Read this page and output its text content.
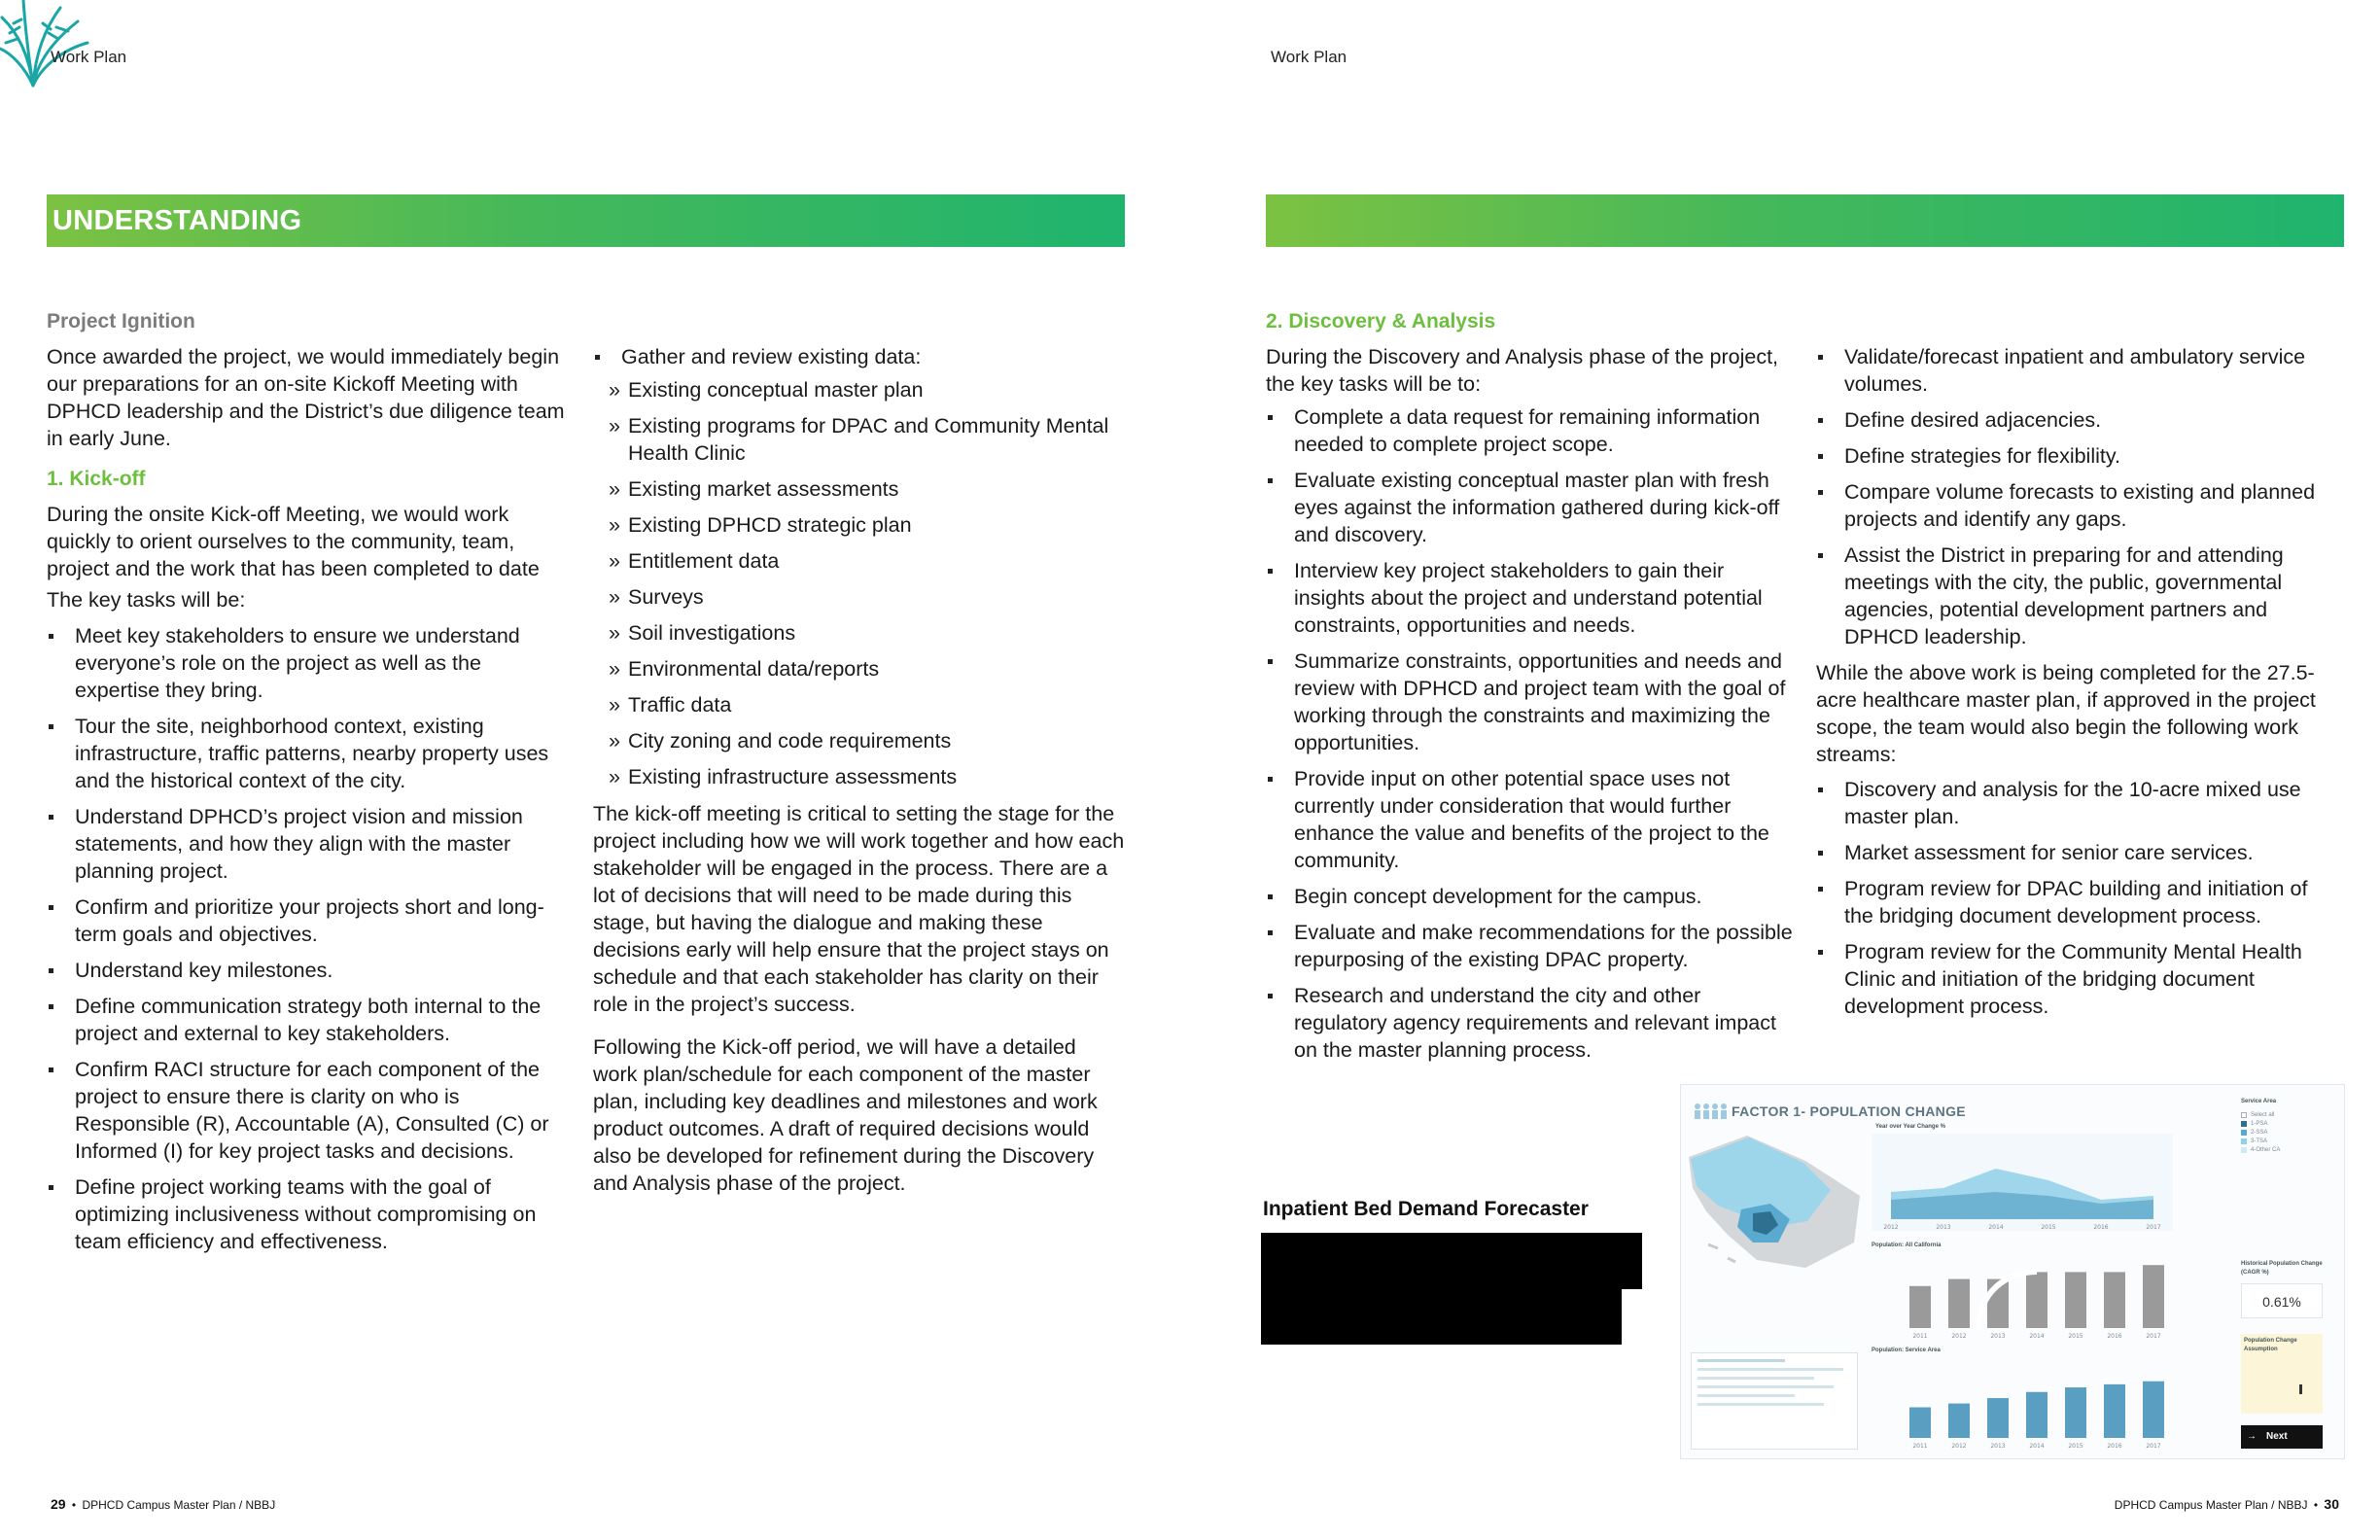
Work Plan	Work Plan
UNDERSTANDING
Project Ignition

Once awarded the project, we would immediately begin our preparations for an on-site Kickoff Meeting with DPHCD leadership and the District’s due diligence team in early June.

1. Kick-off

During the onsite Kick-off Meeting, we would work quickly to orient ourselves to the community, team, project and the work that has been completed to date

The key tasks will be:

Meet key stakeholders to ensure we understand everyone’s role on the project as well as the expertise they bring.
Tour the site, neighborhood context, existing infrastructure, traffic patterns, nearby property uses and the historical context of the city.
Understand DPHCD’s project vision and mission statements, and how they align with the master planning project.
Confirm and prioritize your projects short and long-term goals and objectives.
Understand key milestones.
Define communication strategy both internal to the project and external to key stakeholders.
Confirm RACI structure for each component of the project to ensure there is clarity on who is Responsible (R), Accountable (A), Consulted (C) or Informed (I) for key project tasks and decisions.
Define project working teams with the goal of optimizing inclusiveness without compromising on team efficiency and effectiveness.
Gather and review existing data:
» Existing conceptual master plan
» Existing programs for DPAC and Community Mental Health Clinic
» Existing market assessments
» Existing DPHCD strategic plan
» Entitlement data
» Surveys
» Soil investigations
» Environmental data/reports
» Traffic data
» City zoning and code requirements
» Existing infrastructure assessments

The kick-off meeting is critical to setting the stage for the project including how we will work together and how each stakeholder will be engaged in the process. There are a lot of decisions that will need to be made during this stage, but having the dialogue and making these decisions early will help ensure that the project stays on schedule and that each stakeholder has clarity on their role in the project’s success.

Following the Kick-off period, we will have a detailed work plan/schedule for each component of the master plan, including key deadlines and milestones and work product outcomes. A draft of required decisions would also be developed for refinement during the Discovery and Analysis phase of the project.

2. Discovery & Analysis

During the Discovery and Analysis phase of the project, the key tasks will be to:

Complete a data request for remaining information needed to complete project scope.
Evaluate existing conceptual master plan with fresh eyes against the information gathered during kick-off and discovery.
Interview key project stakeholders to gain their insights about the project and understand potential constraints, opportunities and needs.
Summarize constraints, opportunities and needs and review with DPHCD and project team with the goal of working through the constraints and maximizing the opportunities.
Provide input on other potential space uses not currently under consideration that would further enhance the value and benefits of the project to the community.
Begin concept development for the campus.
Evaluate and make recommendations for the possible repurposing of the existing DPAC property.
Research and understand the city and other regulatory agency requirements and relevant impact on the master planning process.
Validate/forecast inpatient and ambulatory service volumes.
Define desired adjacencies.
Define strategies for flexibility.
Compare volume forecasts to existing and planned projects and identify any gaps.
Assist the District in preparing for and attending meetings with the city, the public, governmental agencies, potential development partners and DPHCD leadership.

While the above work is being completed for the 27.5-acre healthcare master plan, if approved in the project scope, the team would also begin the following work streams:

Discovery and analysis for the 10-acre mixed use master plan.
Market assessment for senior care services.
Program review for DPAC building and initiation of the bridging document development process.
Program review for the Community Mental Health Clinic and initiation of the bridging document development process.
Inpatient Bed Demand Forecaster
FACTOR 1- POPULATION CHANGE
Year over Year Change %
Service Area
Select all
1-PSA
2-SSA
3-TSA
4-Other CA
2012	2013	2014	2015	2016	2017
Population: All California
2011	2012	2013	2014	2015	2016	2017
Population: Service Area
2011	2012	2013	2014	2015	2016	2017
Historical Population Change (CAGR %)
0.61%
Population Change Assumption
→ Next
29 • DPHCD Campus Master Plan / NBBJ	DPHCD Campus Master Plan / NBBJ • 30
